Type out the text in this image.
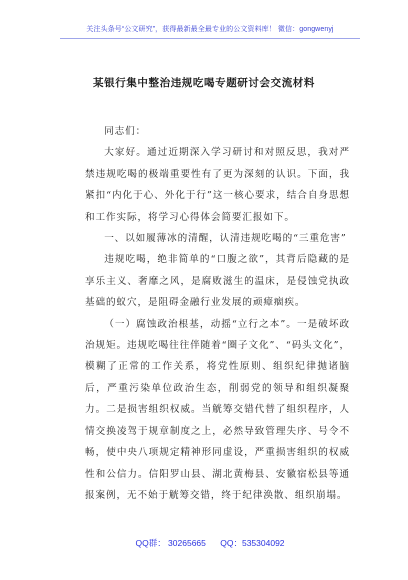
关注头条号“公文研究”，获得最新最全最专业的公文资料库！ 微信：gongwenyj
某银行集中整治违规吃喝专题研讨会交流材料

同志们：

大家好。通过近期深入学习研讨和对照反思，我对严禁违规吃喝的极端重要性有了更为深刻的认识。下面，我紧扣“内化于心、外化于行”这一核心要求，结合自身思想和工作实际，将学习心得体会简要汇报如下。

一、以如履薄冰的清醒，认清违规吃喝的“三重危害”

违规吃喝，绝非简单的“口腹之欲”，其背后隐藏的是享乐主义、奢靡之风，是腐败滋生的温床，是侵蚀党执政基础的蚁穴，是阻碍金融行业发展的顽瘴痼疾。

（一）腐蚀政治根基，动摇“立行之本”。一是破坏政治规矩。违规吃喝往往伴随着“圈子文化”、“码头文化”，模糊了正常的工作关系，将党性原则、组织纪律抛诸脑后，严重污染单位政治生态，削弱党的领导和组织凝聚力。二是损害组织权威。当觥筹交错代替了组织程序，人情交换凌驾于规章制度之上，必然导致管理失序、号令不畅，使中央八项规定精神形同虚设，严重损害组织的权威性和公信力。信阳罗山县、湖北黄梅县、安徽宿松县等通报案例，无不始于觥筹交错，终于纪律涣散、组织崩塌。

QQ群： 30265665 QQ：535304092
